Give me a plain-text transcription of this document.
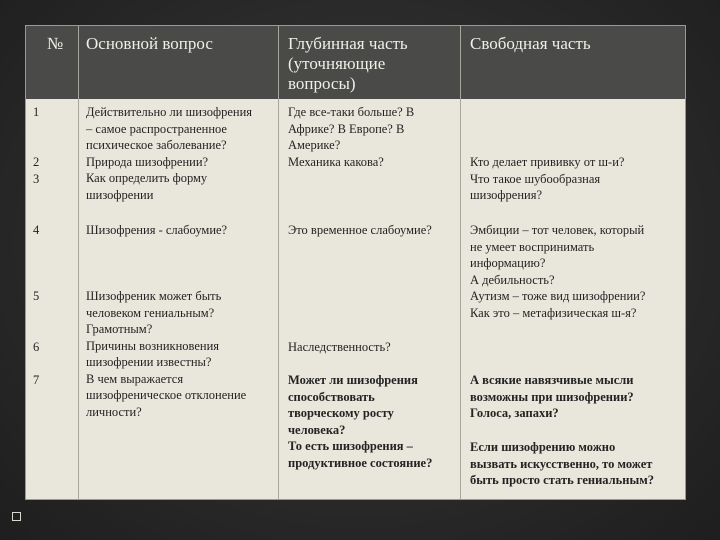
№ Основной вопрос	Глубинная часть
(уточняющие
вопросы)
Свободная часть
1
2
3
4
5
6
7
Действительно ли шизофрения
– самое распространенное
психическое заболевание?
Природа шизофрении?
Как определить форму
шизофрении
Шизофрения - слабоумие?
Шизофреник может быть
человеком гениальным?
Грамотным?
Причины возникновения
шизофрении известны?
В чем выражается
шизофреническое отклонение
личности?
Где все-таки больше? В
Африке? В Европе? В
Америке?
Механика какова?
Это временное слабоумие?
Наследственность?
Может ли шизофрения
способствовать
творческому росту
человека?
То есть шизофрения –
продуктивное состояние?
Кто делает прививку от ш-и?
Что такое шубообразная
шизофрения?
Эмбиции – тот человек, который
не умеет воспринимать
информацию?
А дебильность?
Аутизм – тоже вид шизофрении?
Как это – метафизическая ш-я?
А всякие навязчивые мысли
возможны при шизофрении?
Голоса, запахи?
Если шизофрению можно
вызвать искусственно, то может
быть просто стать гениальным?
